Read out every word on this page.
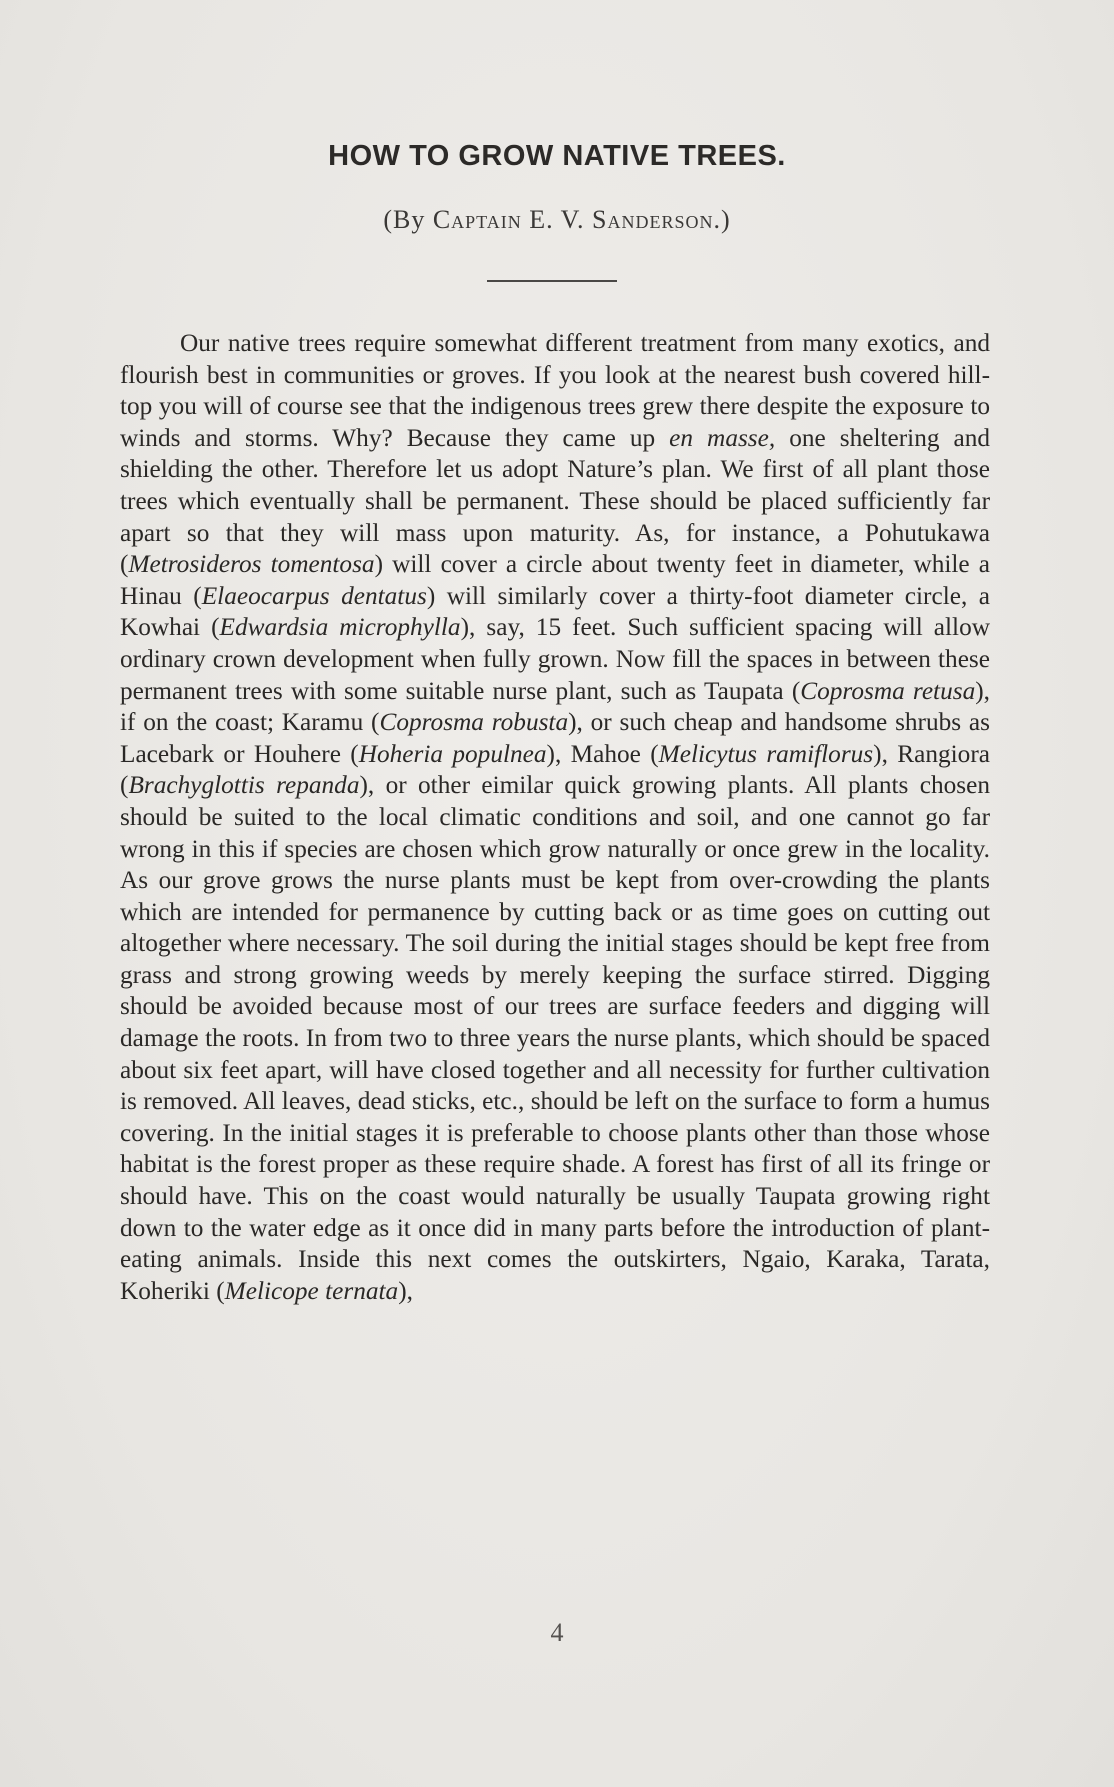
HOW TO GROW NATIVE TREES.
(By Captain E. V. Sanderson.)

Our native trees require somewhat different treatment from many exotics, and flourish best in communities or groves. If you look at the nearest bush covered hill-top you will of course see that the indigenous trees grew there despite the exposure to winds and storms. Why? Because they came up en masse, one sheltering and shielding the other. Therefore let us adopt Nature’s plan. We first of all plant those trees which eventually shall be permanent. These should be placed sufficiently far apart so that they will mass upon maturity. As, for instance, a Pohutukawa (Metrosideros tomentosa) will cover a circle about twenty feet in diameter, while a Hinau (Elaeocarpus dentatus) will similarly cover a thirty-foot diameter circle, a Kowhai (Edwardsia microphylla), say, 15 feet. Such sufficient spacing will allow ordinary crown development when fully grown. Now fill the spaces in between these permanent trees with some suitable nurse plant, such as Taupata (Coprosma retusa), if on the coast; Karamu (Coprosma robusta), or such cheap and handsome shrubs as Lacebark or Houhere (Hoheria populnea), Mahoe (Melicytus ramiflorus), Rangiora (Brachyglottis repanda), or other eimilar quick growing plants. All plants chosen should be suited to the local climatic conditions and soil, and one cannot go far wrong in this if species are chosen which grow naturally or once grew in the locality. As our grove grows the nurse plants must be kept from over-crowding the plants which are intended for permanence by cutting back or as time goes on cutting out altogether where necessary. The soil during the initial stages should be kept free from grass and strong growing weeds by merely keeping the surface stirred. Digging should be avoided because most of our trees are surface feeders and digging will damage the roots. In from two to three years the nurse plants, which should be spaced about six feet apart, will have closed together and all necessity for further cultivation is removed. All leaves, dead sticks, etc., should be left on the surface to form a humus covering. In the initial stages it is preferable to choose plants other than those whose habitat is the forest proper as these require shade. A forest has first of all its fringe or should have. This on the coast would naturally be usually Taupata growing right down to the water edge as it once did in many parts before the introduction of plant-eating animals. Inside this next comes the outskirters, Ngaio, Karaka, Tarata, Koheriki (Melicope ternata),

4
